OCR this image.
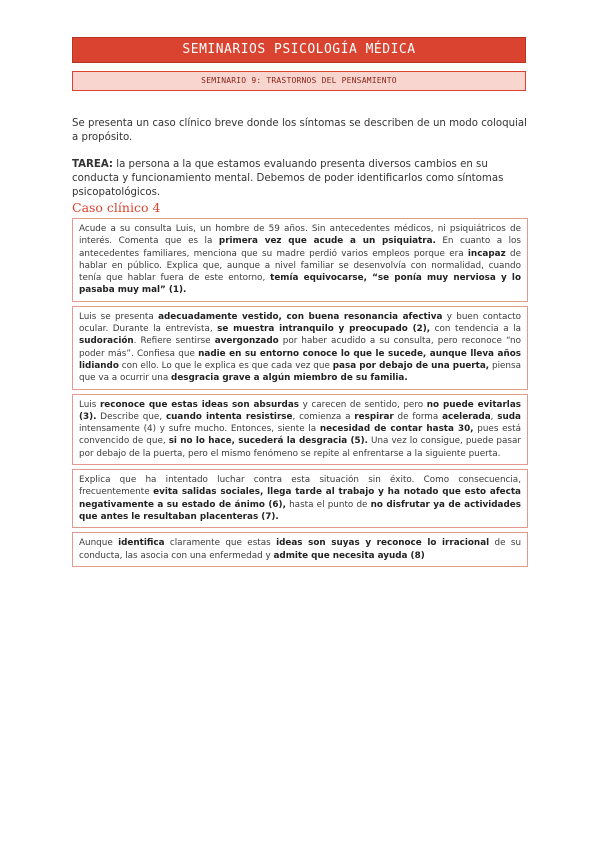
SEMINARIOS PSICOLOGÍA MÉDICA
SEMINARIO 9: TRASTORNOS DEL PENSAMIENTO

Se presenta un caso clínico breve donde los síntomas se describen de un modo coloquial a propósito.

TAREA: la persona a la que estamos evaluando presenta diversos cambios en su conducta y funcionamiento mental. Debemos de poder identificarlos como síntomas psicopatológicos.

Caso clínico 4
Acude a su consulta Luis, un hombre de 59 años. Sin antecedentes médicos, ni psiquiátricos de interés. Comenta que es la primera vez que acude a un psiquiatra. En cuanto a los antecedentes familiares, menciona que su madre perdió varios empleos porque era incapaz de hablar en público. Explica que, aunque a nivel familiar se desenvolvía con normalidad, cuando tenía que hablar fuera de este entorno, temía equivocarse, “se ponía muy nerviosa y lo pasaba muy mal” (1).
Luis se presenta adecuadamente vestido, con buena resonancia afectiva y buen contacto ocular. Durante la entrevista, se muestra intranquilo y preocupado (2), con tendencia a la sudoración. Refiere sentirse avergonzado por haber acudido a su consulta, pero reconoce “no poder más”. Confiesa que nadie en su entorno conoce lo que le sucede, aunque lleva años lidiando con ello. Lo que le explica es que cada vez que pasa por debajo de una puerta, piensa que va a ocurrir una desgracia grave a algún miembro de su familia.
Luis reconoce que estas ideas son absurdas y carecen de sentido, pero no puede evitarlas (3). Describe que, cuando intenta resistirse, comienza a respirar de forma acelerada, suda intensamente (4) y sufre mucho. Entonces, siente la necesidad de contar hasta 30, pues está convencido de que, si no lo hace, sucederá la desgracia (5). Una vez lo consigue, puede pasar por debajo de la puerta, pero el mismo fenómeno se repite al enfrentarse a la siguiente puerta.
Explica que ha intentado luchar contra esta situación sin éxito. Como consecuencia, frecuentemente evita salidas sociales, llega tarde al trabajo y ha notado que esto afecta negativamente a su estado de ánimo (6), hasta el punto de no disfrutar ya de actividades que antes le resultaban placenteras (7).
Aunque identifica claramente que estas ideas son suyas y reconoce lo irracional de su conducta, las asocia con una enfermedad y admite que necesita ayuda (8)
